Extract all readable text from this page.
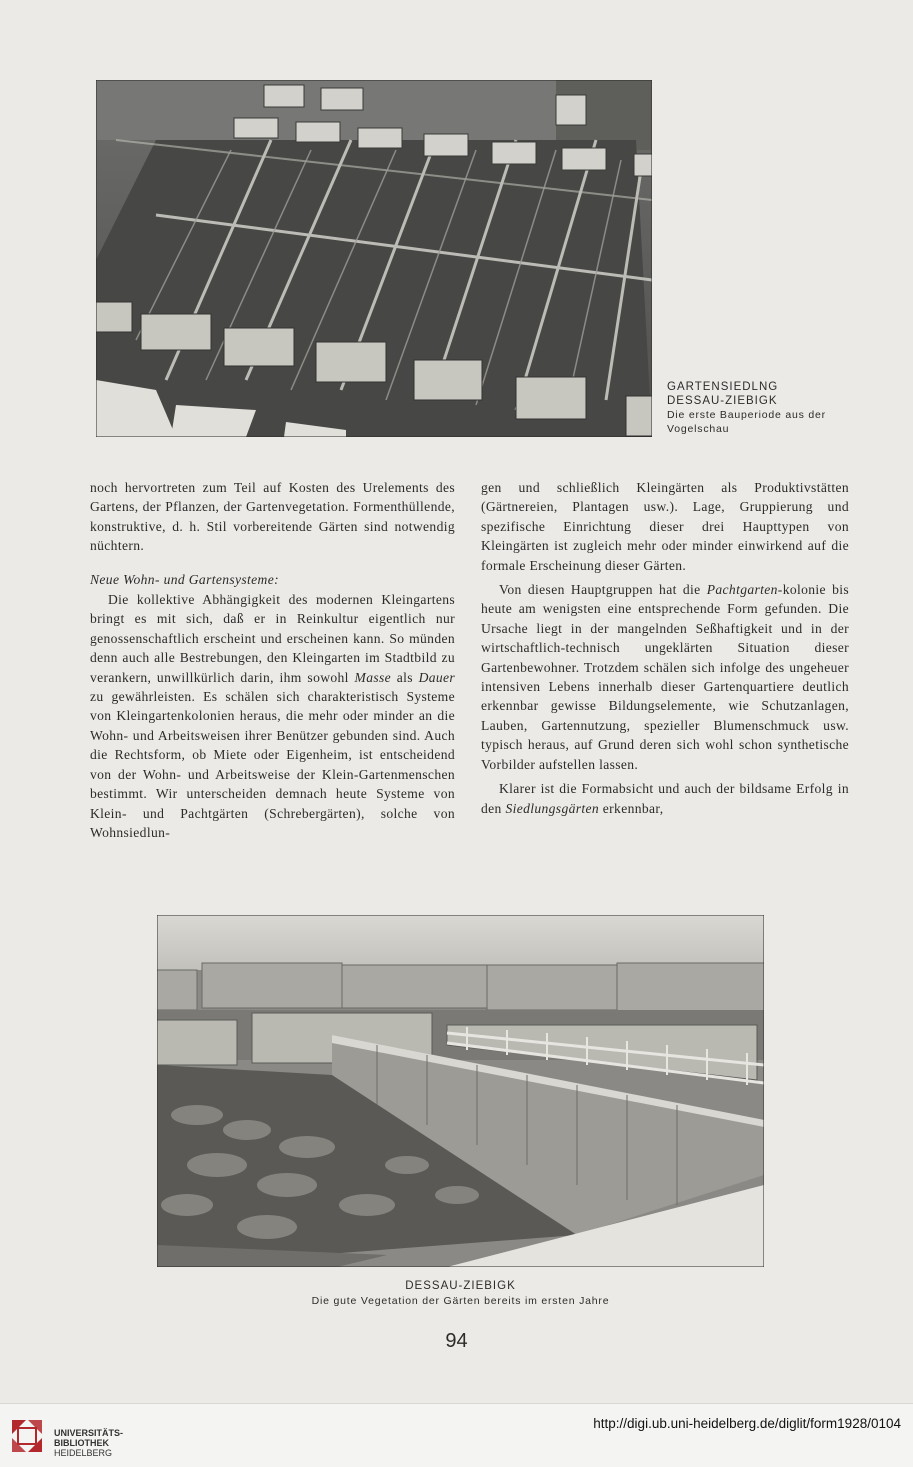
GARTENSIEDLNG
DESSAU-ZIEBIGK
Die erste Bauperiode aus der
Vogelschau

noch hervortreten zum Teil auf Kosten des Urelements des Gartens, der Pflanzen, der Gartenvegetation. Formenthüllende, konstruktive, d. h. Stil vorbereitende Gärten sind notwendig nüchtern.

Neue Wohn- und Gartensysteme:

Die kollektive Abhängigkeit des modernen Kleingartens bringt es mit sich, daß er in Reinkultur eigentlich nur genossenschaftlich erscheint und erscheinen kann. So münden denn auch alle Bestrebungen, den Kleingarten im Stadtbild zu verankern, unwillkürlich darin, ihm sowohl Masse als Dauer zu gewährleisten. Es schälen sich charakteristisch Systeme von Kleingartenkolonien heraus, die mehr oder minder an die Wohn- und Arbeitsweisen ihrer Benützer gebunden sind. Auch die Rechtsform, ob Miete oder Eigenheim, ist entscheidend von der Wohn- und Arbeitsweise der Klein-Gartenmenschen bestimmt. Wir unterscheiden demnach heute Systeme von Klein- und Pachtgärten (Schrebergärten), solche von Wohnsiedlun-

gen und schließlich Kleingärten als Produktivstätten (Gärtnereien, Plantagen usw.). Lage, Gruppierung und spezifische Einrichtung dieser drei Haupttypen von Kleingärten ist zugleich mehr oder minder einwirkend auf die formale Erscheinung dieser Gärten.

Von diesen Hauptgruppen hat die Pachtgarten-kolonie bis heute am wenigsten eine entsprechende Form gefunden. Die Ursache liegt in der mangelnden Seßhaftigkeit und in der wirtschaftlich-technisch ungeklärten Situation dieser Gartenbewohner. Trotzdem schälen sich infolge des ungeheuer intensiven Lebens innerhalb dieser Gartenquartiere deutlich erkennbar gewisse Bildungselemente, wie Schutzanlagen, Lauben, Gartennutzung, spezieller Blumenschmuck usw. typisch heraus, auf Grund deren sich wohl schon synthetische Vorbilder aufstellen lassen.

Klarer ist die Formabsicht und auch der bildsame Erfolg in den Siedlungsgärten erkennbar,

DESSAU-ZIEBIGK
Die gute Vegetation der Gärten bereits im ersten Jahre
94
UNIVERSITÄTS-
BIBLIOTHEK
HEIDELBERG
http://digi.ub.uni-heidelberg.de/diglit/form1928/0104
